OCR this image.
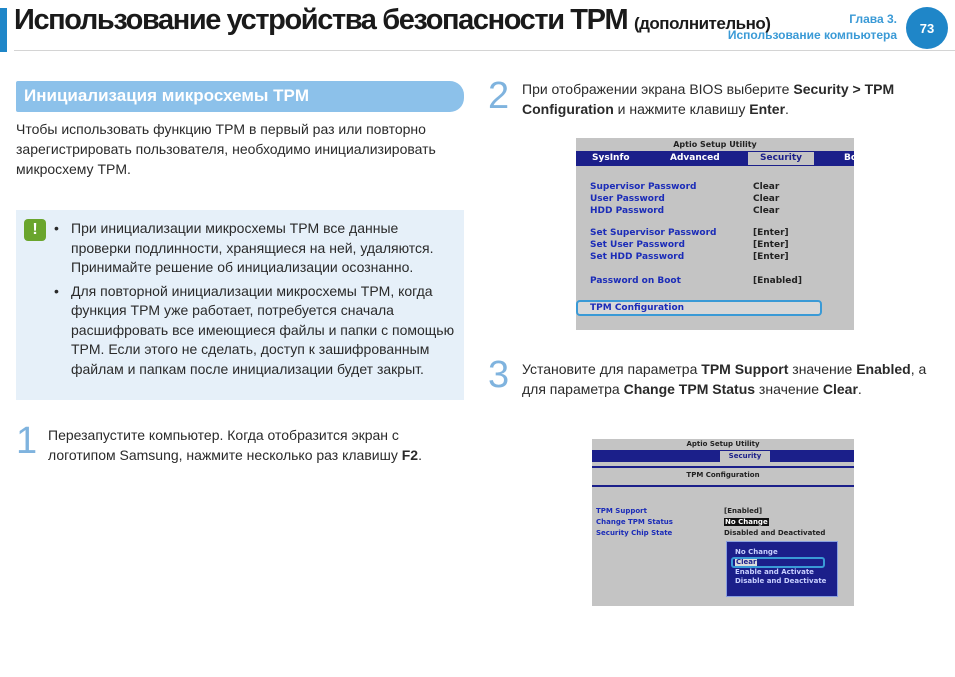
Использование устройства безопасности TPM (дополнительно)	Глава 3.
Использование компьютера	73
Инициализация микросхемы TPM
Чтобы использовать функцию TPM в первый раз или повторно зарегистрировать пользователя, необходимо инициализировать микросхему TPM.
!	• При инициализации микросхемы TPM все данные проверки подлинности, хранящиеся на ней, удаляются. Принимайте решение об инициализации осознанно.
• Для повторной инициализации микросхемы TPM, когда функция TPM уже работает, потребуется сначала расшифровать все имеющиеся файлы и папки с помощью TPM. Если этого не сделать, доступ к зашифрованным файлам и папкам после инициализации будет закрыт.
1 Перезапустите компьютер. Когда отобразится экран с логотипом Samsung, нажмите несколько раз клавишу F2.
2 При отображении экрана BIOS выберите Security > TPM Configuration и нажмите клавишу Enter.
Aptio Setup Utility
SysInfo	Advanced	Security	Bo
Supervisor Password	Clear
User Password	Clear
HDD Password	Clear
Set Supervisor Password	[Enter]
Set User Password	[Enter]
Set HDD Password	[Enter]
Password on Boot	[Enabled]
TPM Configuration
3 Установите для параметра TPM Support значение Enabled, а для параметра Change TPM Status значение Clear.
Aptio Setup Utility
Security
TPM Configuration
TPM Support	[Enabled]
Change TPM Status	No Change
Security Chip State	Disabled and Deactivated
No Change
Clear
Enable and Activate
Disable and Deactivate
